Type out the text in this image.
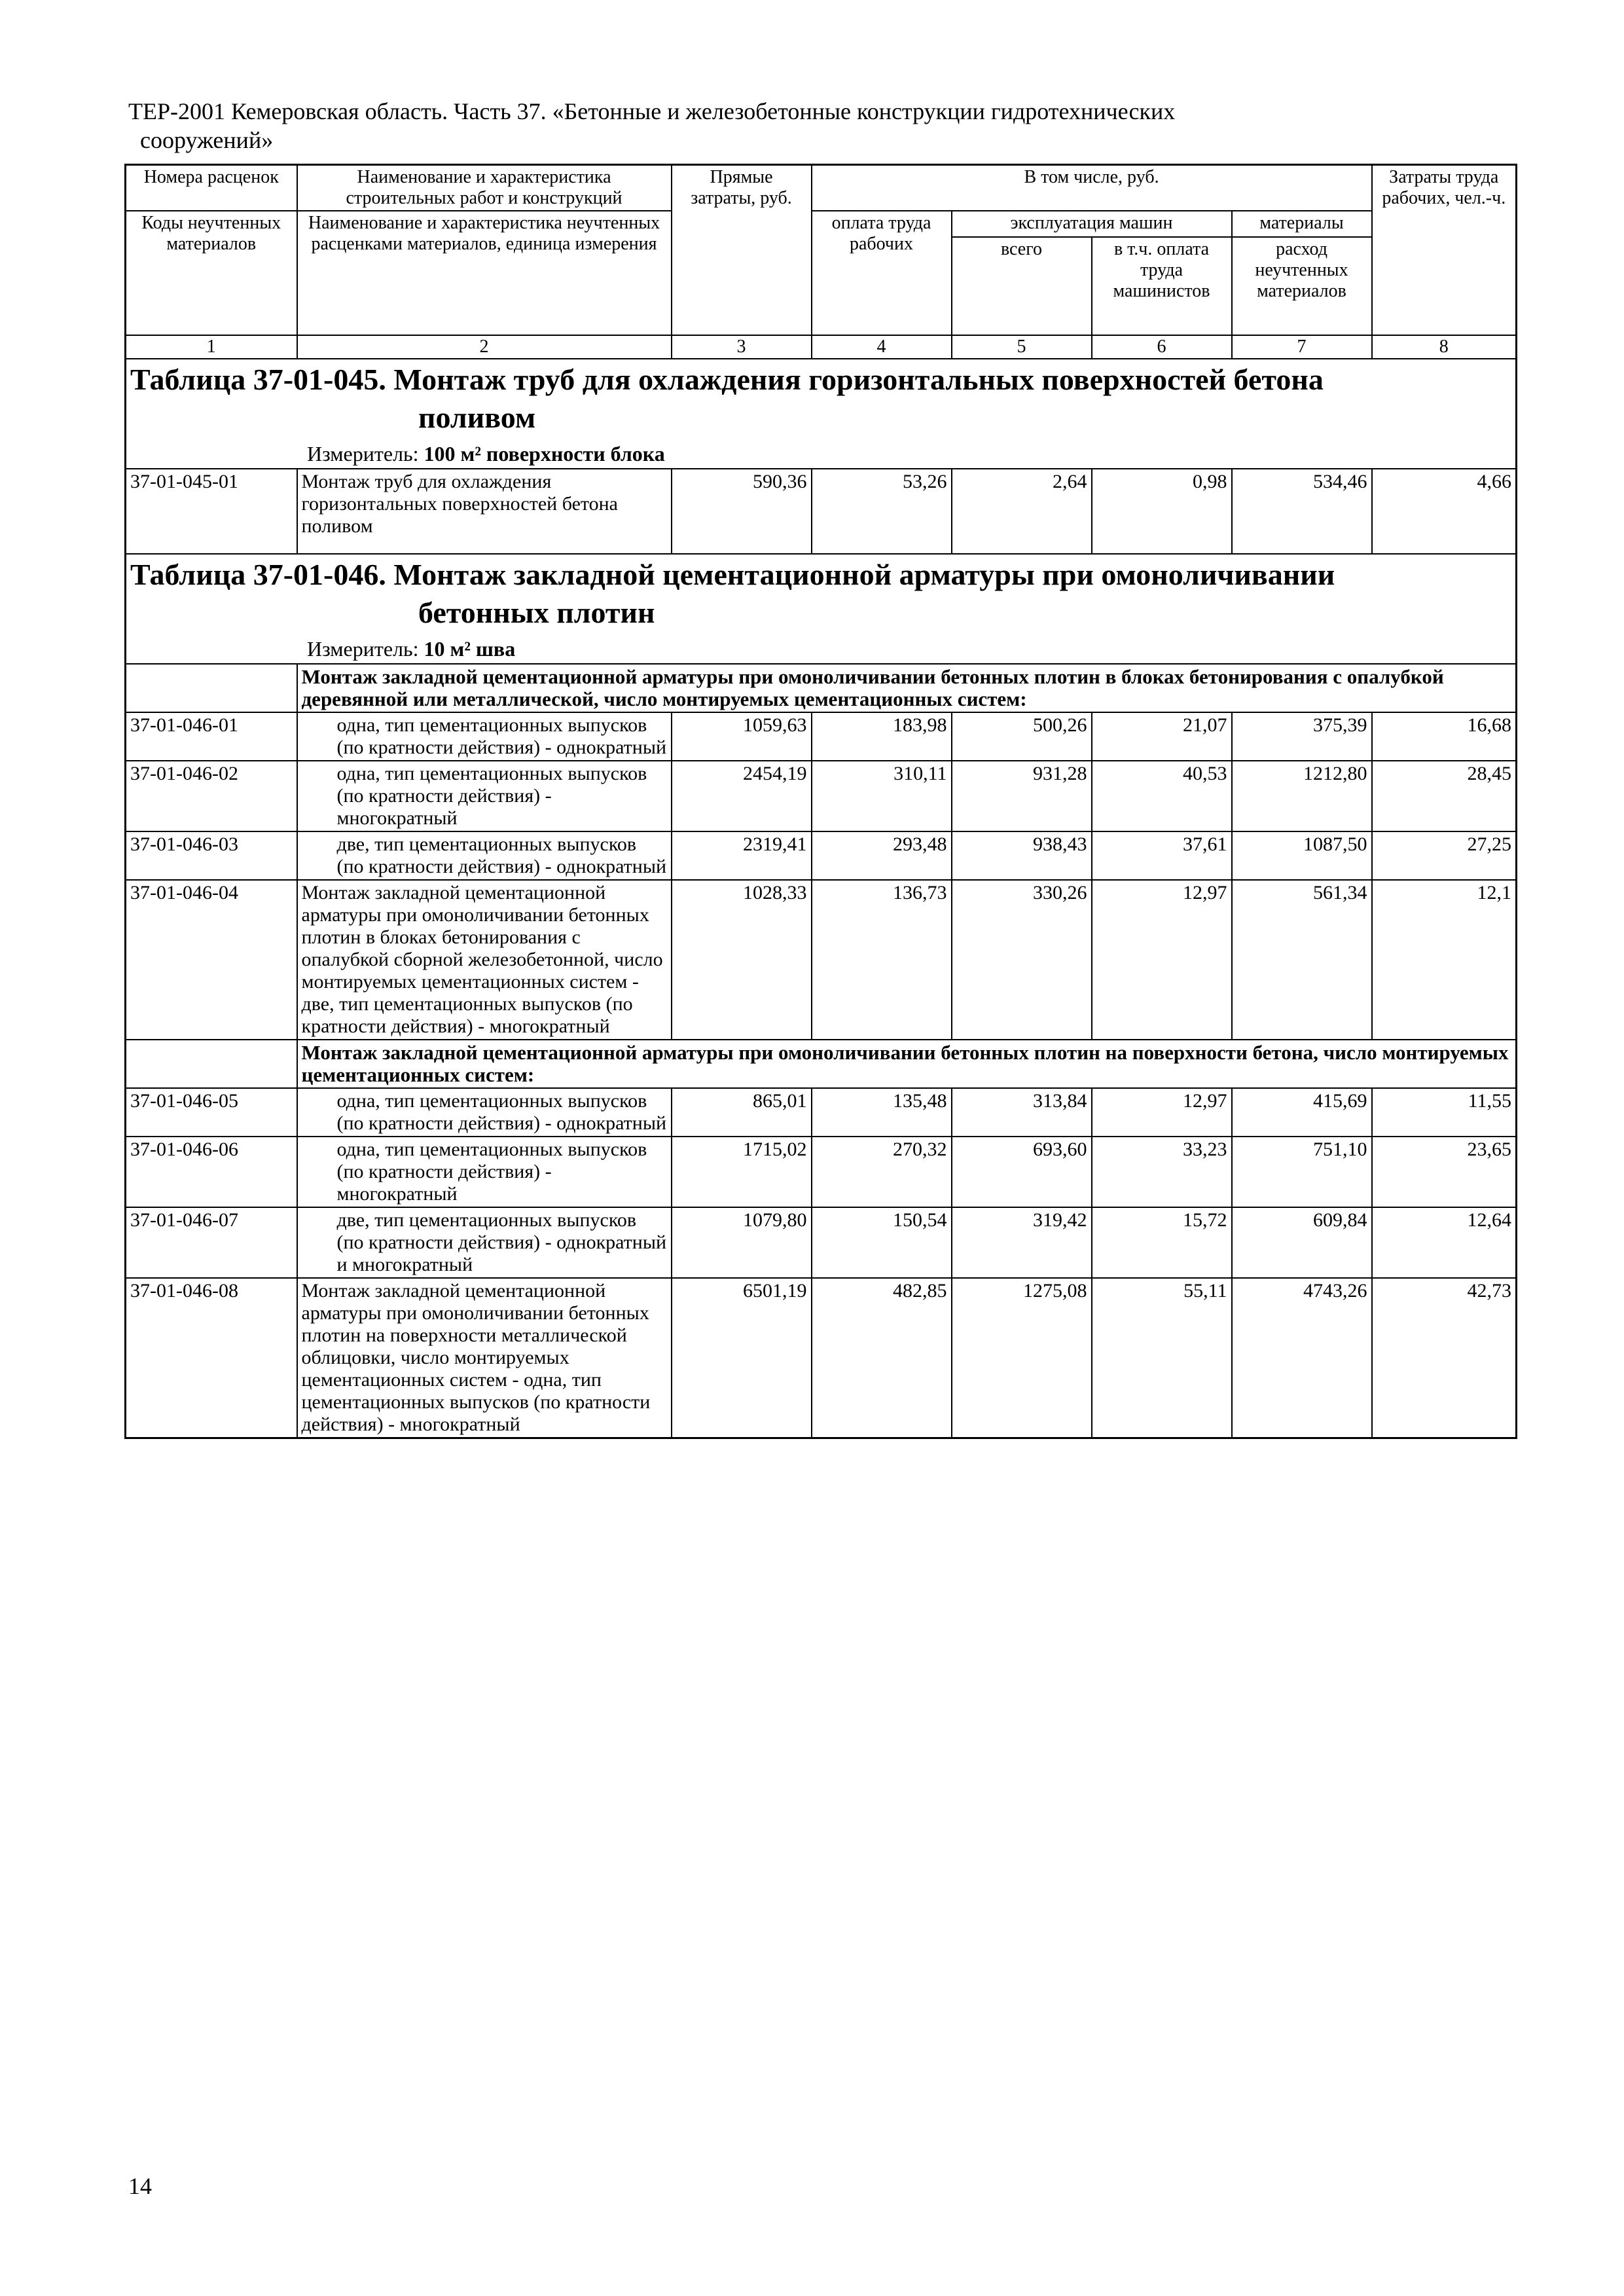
ТЕР-2001 Кемеровская область. Часть 37. «Бетонные и железобетонные конструкции гидротехнических
сооружений»
Номера расценок	Наименование и характеристика строительных работ и конструкций	Прямые затраты, руб.	В том числе, руб.				Затраты труда рабочих, чел.-ч.
Коды неучтенных материалов	Наименование и характеристика неучтенных расценками материалов, единица измерения		оплата труда рабочих	эксплуатация машин		материалы	
				всего	в т.ч. оплата труда машинистов	расход неучтенных материалов	
1	2	3	4	5	6	7	8

Таблица 37-01-045. Монтаж труб для охлаждения горизонтальных поверхностей бетона
поливом
Измеритель: 100 м² поверхности блока							

37-01-045-01	Монтаж труб для охлаждения горизонтальных поверхностей бетона поливом	590,36	53,26	2,64	0,98	534,46	4,66

Таблица 37-01-046. Монтаж закладной цементационной арматуры при омоноличивании
бетонных плотин
Измеритель: 10 м² шва							

	Монтаж закладной цементационной арматуры при омоноличивании бетонных плотин в блоках бетонирования с опалубкой деревянной или металлической, число монтируемых цементационных систем:						
37-01-046-01	одна, тип цементационных выпусков (по кратности действия) - однократный	1059,63	183,98	500,26	21,07	375,39	16,68
37-01-046-02	одна, тип цементационных выпусков (по кратности действия) - многократный	2454,19	310,11	931,28	40,53	1212,80	28,45
37-01-046-03	две, тип цементационных выпусков (по кратности действия) - однократный	2319,41	293,48	938,43	37,61	1087,50	27,25
37-01-046-04	Монтаж закладной цементационной арматуры при омоноличивании бетонных плотин в блоках бетонирования с опалубкой сборной железобетонной, число монтируемых цементационных систем - две, тип цементационных выпусков (по кратности действия) - многократный	1028,33	136,73	330,26	12,97	561,34	12,1
	Монтаж закладной цементационной арматуры при омоноличивании бетонных плотин на поверхности бетона, число монтируемых цементационных систем:						
37-01-046-05	одна, тип цементационных выпусков (по кратности действия) - однократный	865,01	135,48	313,84	12,97	415,69	11,55
37-01-046-06	одна, тип цементационных выпусков (по кратности действия) - многократный	1715,02	270,32	693,60	33,23	751,10	23,65
37-01-046-07	две, тип цементационных выпусков (по кратности действия) - однократный и многократный	1079,80	150,54	319,42	15,72	609,84	12,64
37-01-046-08	Монтаж закладной цементационной арматуры при омоноличивании бетонных плотин на поверхности металлической облицовки, число монтируемых цементационных систем - одна, тип цементационных выпусков (по кратности действия) - многократный	6501,19	482,85	1275,08	55,11	4743,26	42,73
14
